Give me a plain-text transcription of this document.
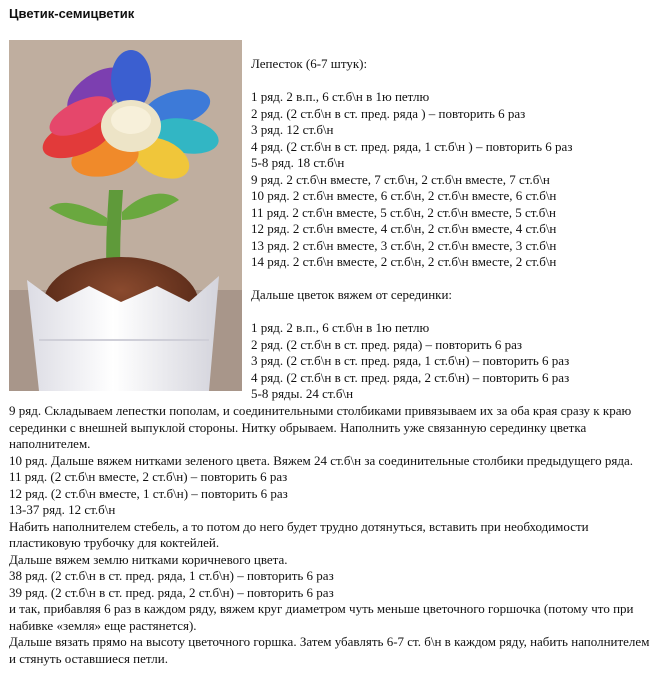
Цветик-семицветик

Лепесток (6-7 штук):

1 ряд. 2 в.п., 6 ст.б\н в 1ю петлю

2 ряд. (2 ст.б\н в ст. пред. ряда ) – повторить 6 раз

3 ряд. 12 ст.б\н

4 ряд. (2 ст.б\н в ст. пред. ряда, 1 ст.б\н ) – повторить 6 раз

5-8 ряд. 18 ст.б\н

9 ряд. 2 ст.б\н вместе, 7 ст.б\н, 2 ст.б\н вместе, 7 ст.б\н

10 ряд. 2 ст.б\н вместе, 6 ст.б\н, 2 ст.б\н вместе, 6 ст.б\н

11 ряд. 2 ст.б\н вместе, 5 ст.б\н, 2 ст.б\н вместе, 5 ст.б\н

12 ряд. 2 ст.б\н вместе, 4 ст.б\н, 2 ст.б\н вместе, 4 ст.б\н

13 ряд. 2 ст.б\н вместе, 3 ст.б\н, 2 ст.б\н вместе, 3 ст.б\н

14 ряд. 2 ст.б\н вместе, 2 ст.б\н, 2 ст.б\н вместе, 2 ст.б\н

Дальше цветок вяжем от серединки:

1 ряд. 2 в.п., 6 ст.б\н в 1ю петлю

2 ряд. (2 ст.б\н в ст. пред. ряда) – повторить 6 раз

3 ряд. (2 ст.б\н в ст. пред. ряда, 1 ст.б\н) – повторить 6 раз

4 ряд. (2 ст.б\н в ст. пред. ряда, 2 ст.б\н) – повторить 6 раз

5-8 ряды. 24 ст.б\н

9 ряд. Складываем лепестки пополам, и соединительными столбиками привязываем их за оба края сразу к краю серединки с внешней выпуклой стороны. Нитку обрываем. Наполнить уже связанную серединку цветка наполнителем.

10 ряд. Дальше вяжем нитками зеленого цвета. Вяжем 24 ст.б\н за соединительные столбики предыдущего ряда.

11 ряд. (2 ст.б\н вместе, 2 ст.б\н) – повторить 6 раз

12 ряд. (2 ст.б\н вместе, 1 ст.б\н) – повторить 6 раз

13-37 ряд. 12 ст.б\н

Набить наполнителем стебель, а то потом до него будет трудно дотянуться, вставить при необходимости пластиковую трубочку для коктейлей.

Дальше вяжем землю нитками коричневого цвета.

38 ряд. (2 ст.б\н в ст. пред. ряда, 1 ст.б\н) – повторить 6 раз

39 ряд. (2 ст.б\н в ст. пред. ряда, 2 ст.б\н) – повторить 6 раз

и так, прибавляя 6 раз в каждом ряду, вяжем круг диаметром чуть меньше цветочного горшочка (потому что при набивке «земля» еще растянется).

Дальше вязать прямо на высоту цветочного горшка. Затем убавлять 6-7 ст. б\н в каждом ряду, набить наполнителем и стянуть оставшиеся петли.
